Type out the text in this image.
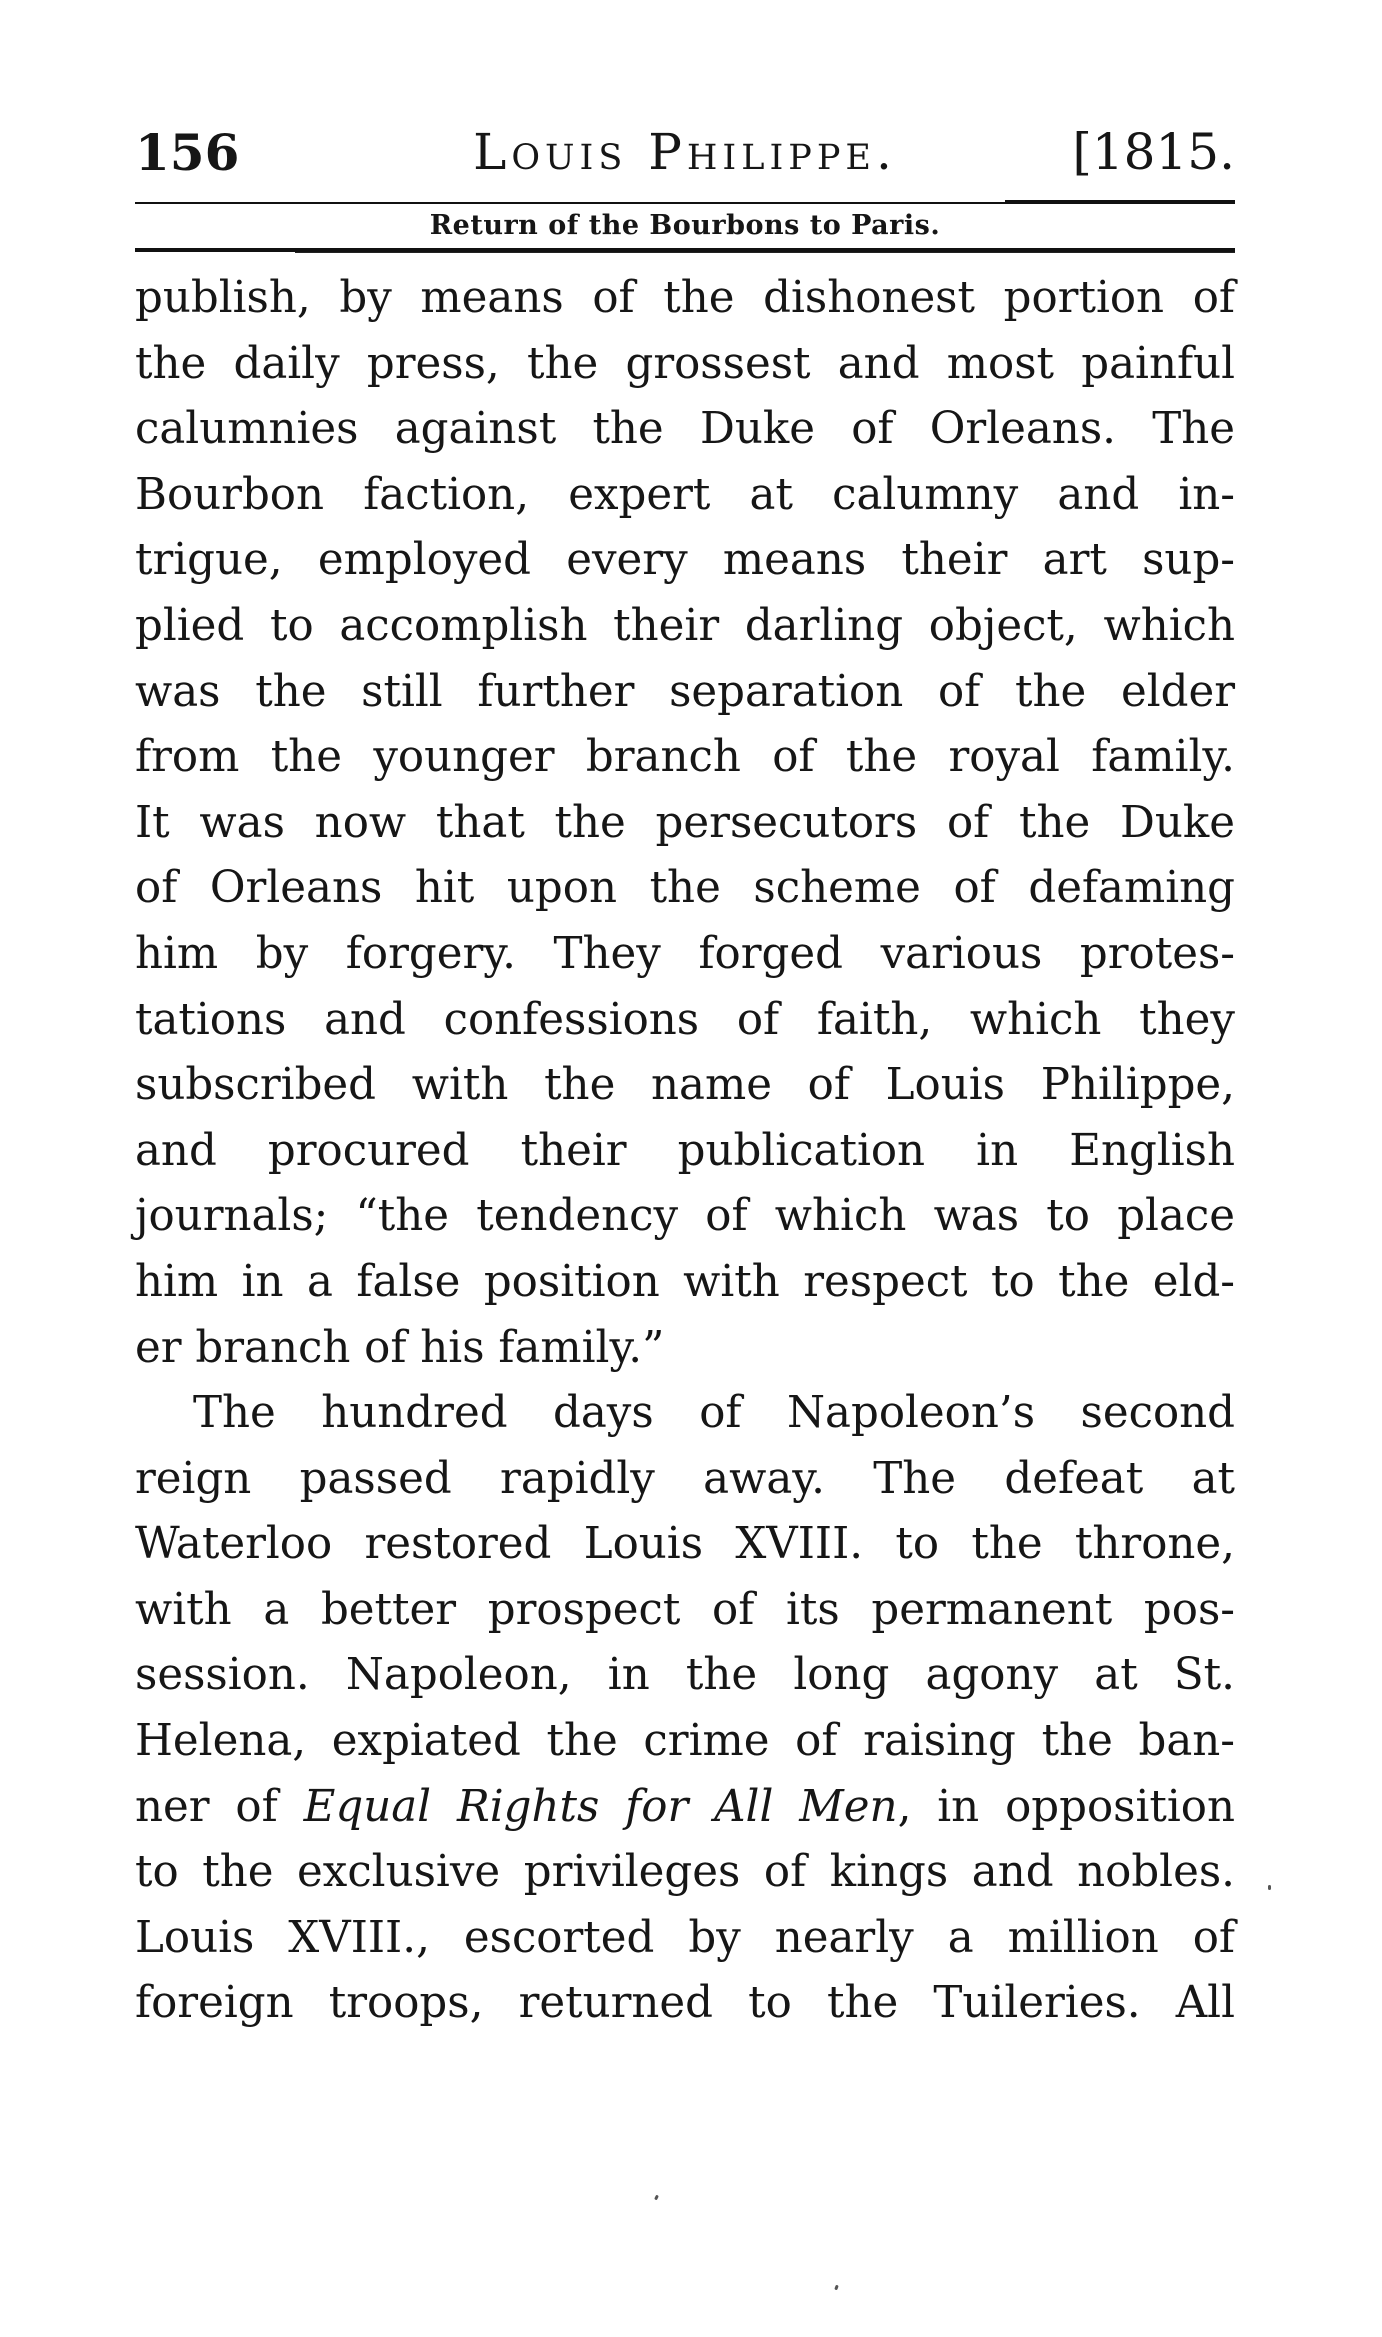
156	Louis Philippe.	[1815.
Return of the Bourbons to Paris.
publish, by means of the dishonest portion of
the daily press, the grossest and most painful
calumnies against the Duke of Orleans. The
Bourbon faction, expert at calumny and in-
trigue, employed every means their art sup-
plied to accomplish their darling object, which
was the still further separation of the elder
from the younger branch of the royal family.
It was now that the persecutors of the Duke
of Orleans hit upon the scheme of defaming
him by forgery. They forged various protes-
tations and confessions of faith, which they
subscribed with the name of Louis Philippe,
and procured their publication in English
journals; “the tendency of which was to place
him in a false position with respect to the eld-
er branch of his family.”
The hundred days of Napoleon’s second
reign passed rapidly away. The defeat at
Waterloo restored Louis XVIII. to the throne,
with a better prospect of its permanent pos-
session. Napoleon, in the long agony at St.
Helena, expiated the crime of raising the ban-
ner of Equal Rights for All Men, in opposition
to the exclusive privileges of kings and nobles.
Louis XVIII., escorted by nearly a million of
foreign troops, returned to the Tuileries. All
